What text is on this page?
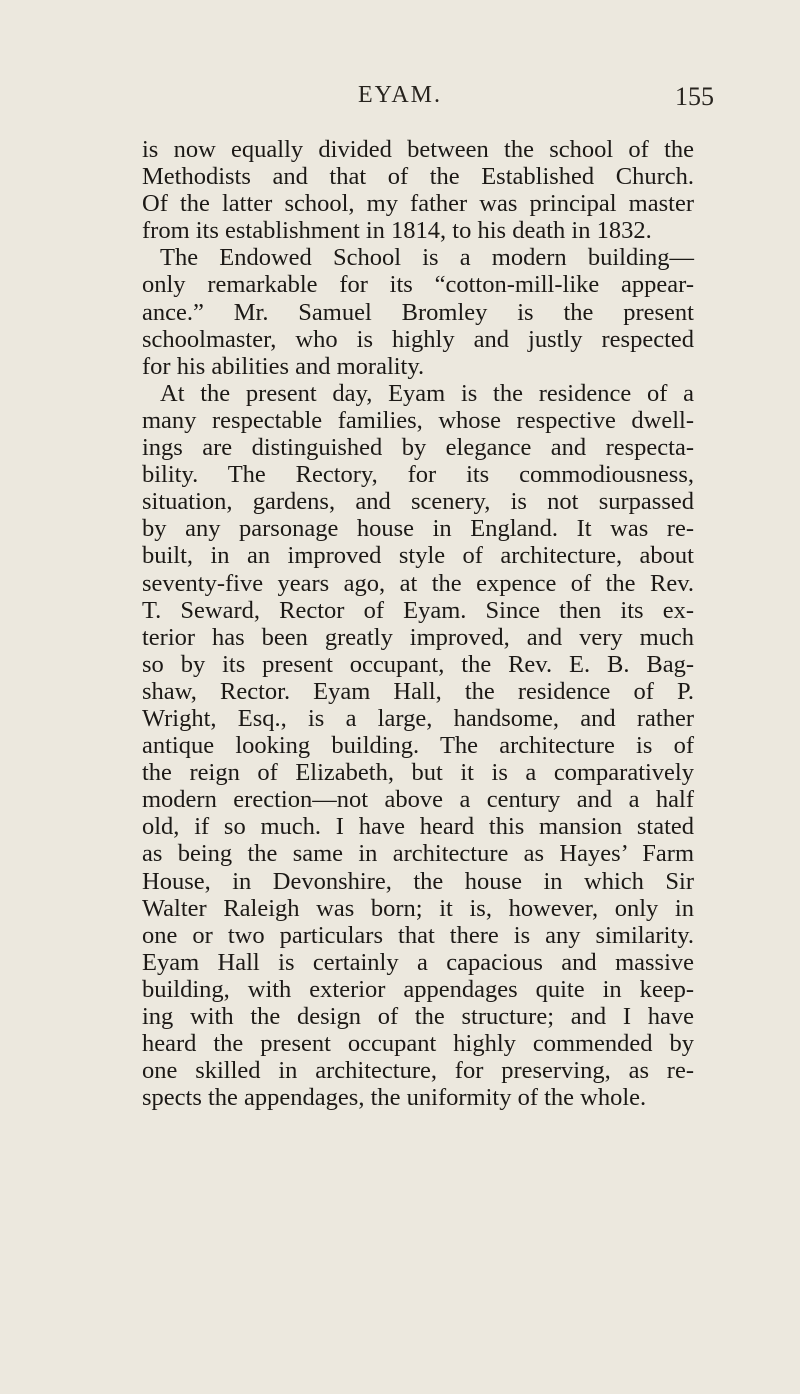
EYAM.	155
is now equally divided between the school of the
Methodists and that of the Established Church.
Of the latter school, my father was principal master
from its establishment in 1814, to his death in 1832.
The Endowed School is a modern building—
only remarkable for its “cotton-mill-like appear-
ance.” Mr. Samuel Bromley is the present
schoolmaster, who is highly and justly respected
for his abilities and morality.
At the present day, Eyam is the residence of a
many respectable families, whose respective dwell-
ings are distinguished by elegance and respecta-
bility. The Rectory, for its commodiousness,
situation, gardens, and scenery, is not surpassed
by any parsonage house in England. It was re-
built, in an improved style of architecture, about
seventy-five years ago, at the expence of the Rev.
T. Seward, Rector of Eyam. Since then its ex-
terior has been greatly improved, and very much
so by its present occupant, the Rev. E. B. Bag-
shaw, Rector. Eyam Hall, the residence of P.
Wright, Esq., is a large, handsome, and rather
antique looking building. The architecture is of
the reign of Elizabeth, but it is a comparatively
modern erection—not above a century and a half
old, if so much. I have heard this mansion stated
as being the same in architecture as Hayes’ Farm
House, in Devonshire, the house in which Sir
Walter Raleigh was born; it is, however, only in
one or two particulars that there is any similarity.
Eyam Hall is certainly a capacious and massive
building, with exterior appendages quite in keep-
ing with the design of the structure; and I have
heard the present occupant highly commended by
one skilled in architecture, for preserving, as re-
spects the appendages, the uniformity of the whole.
